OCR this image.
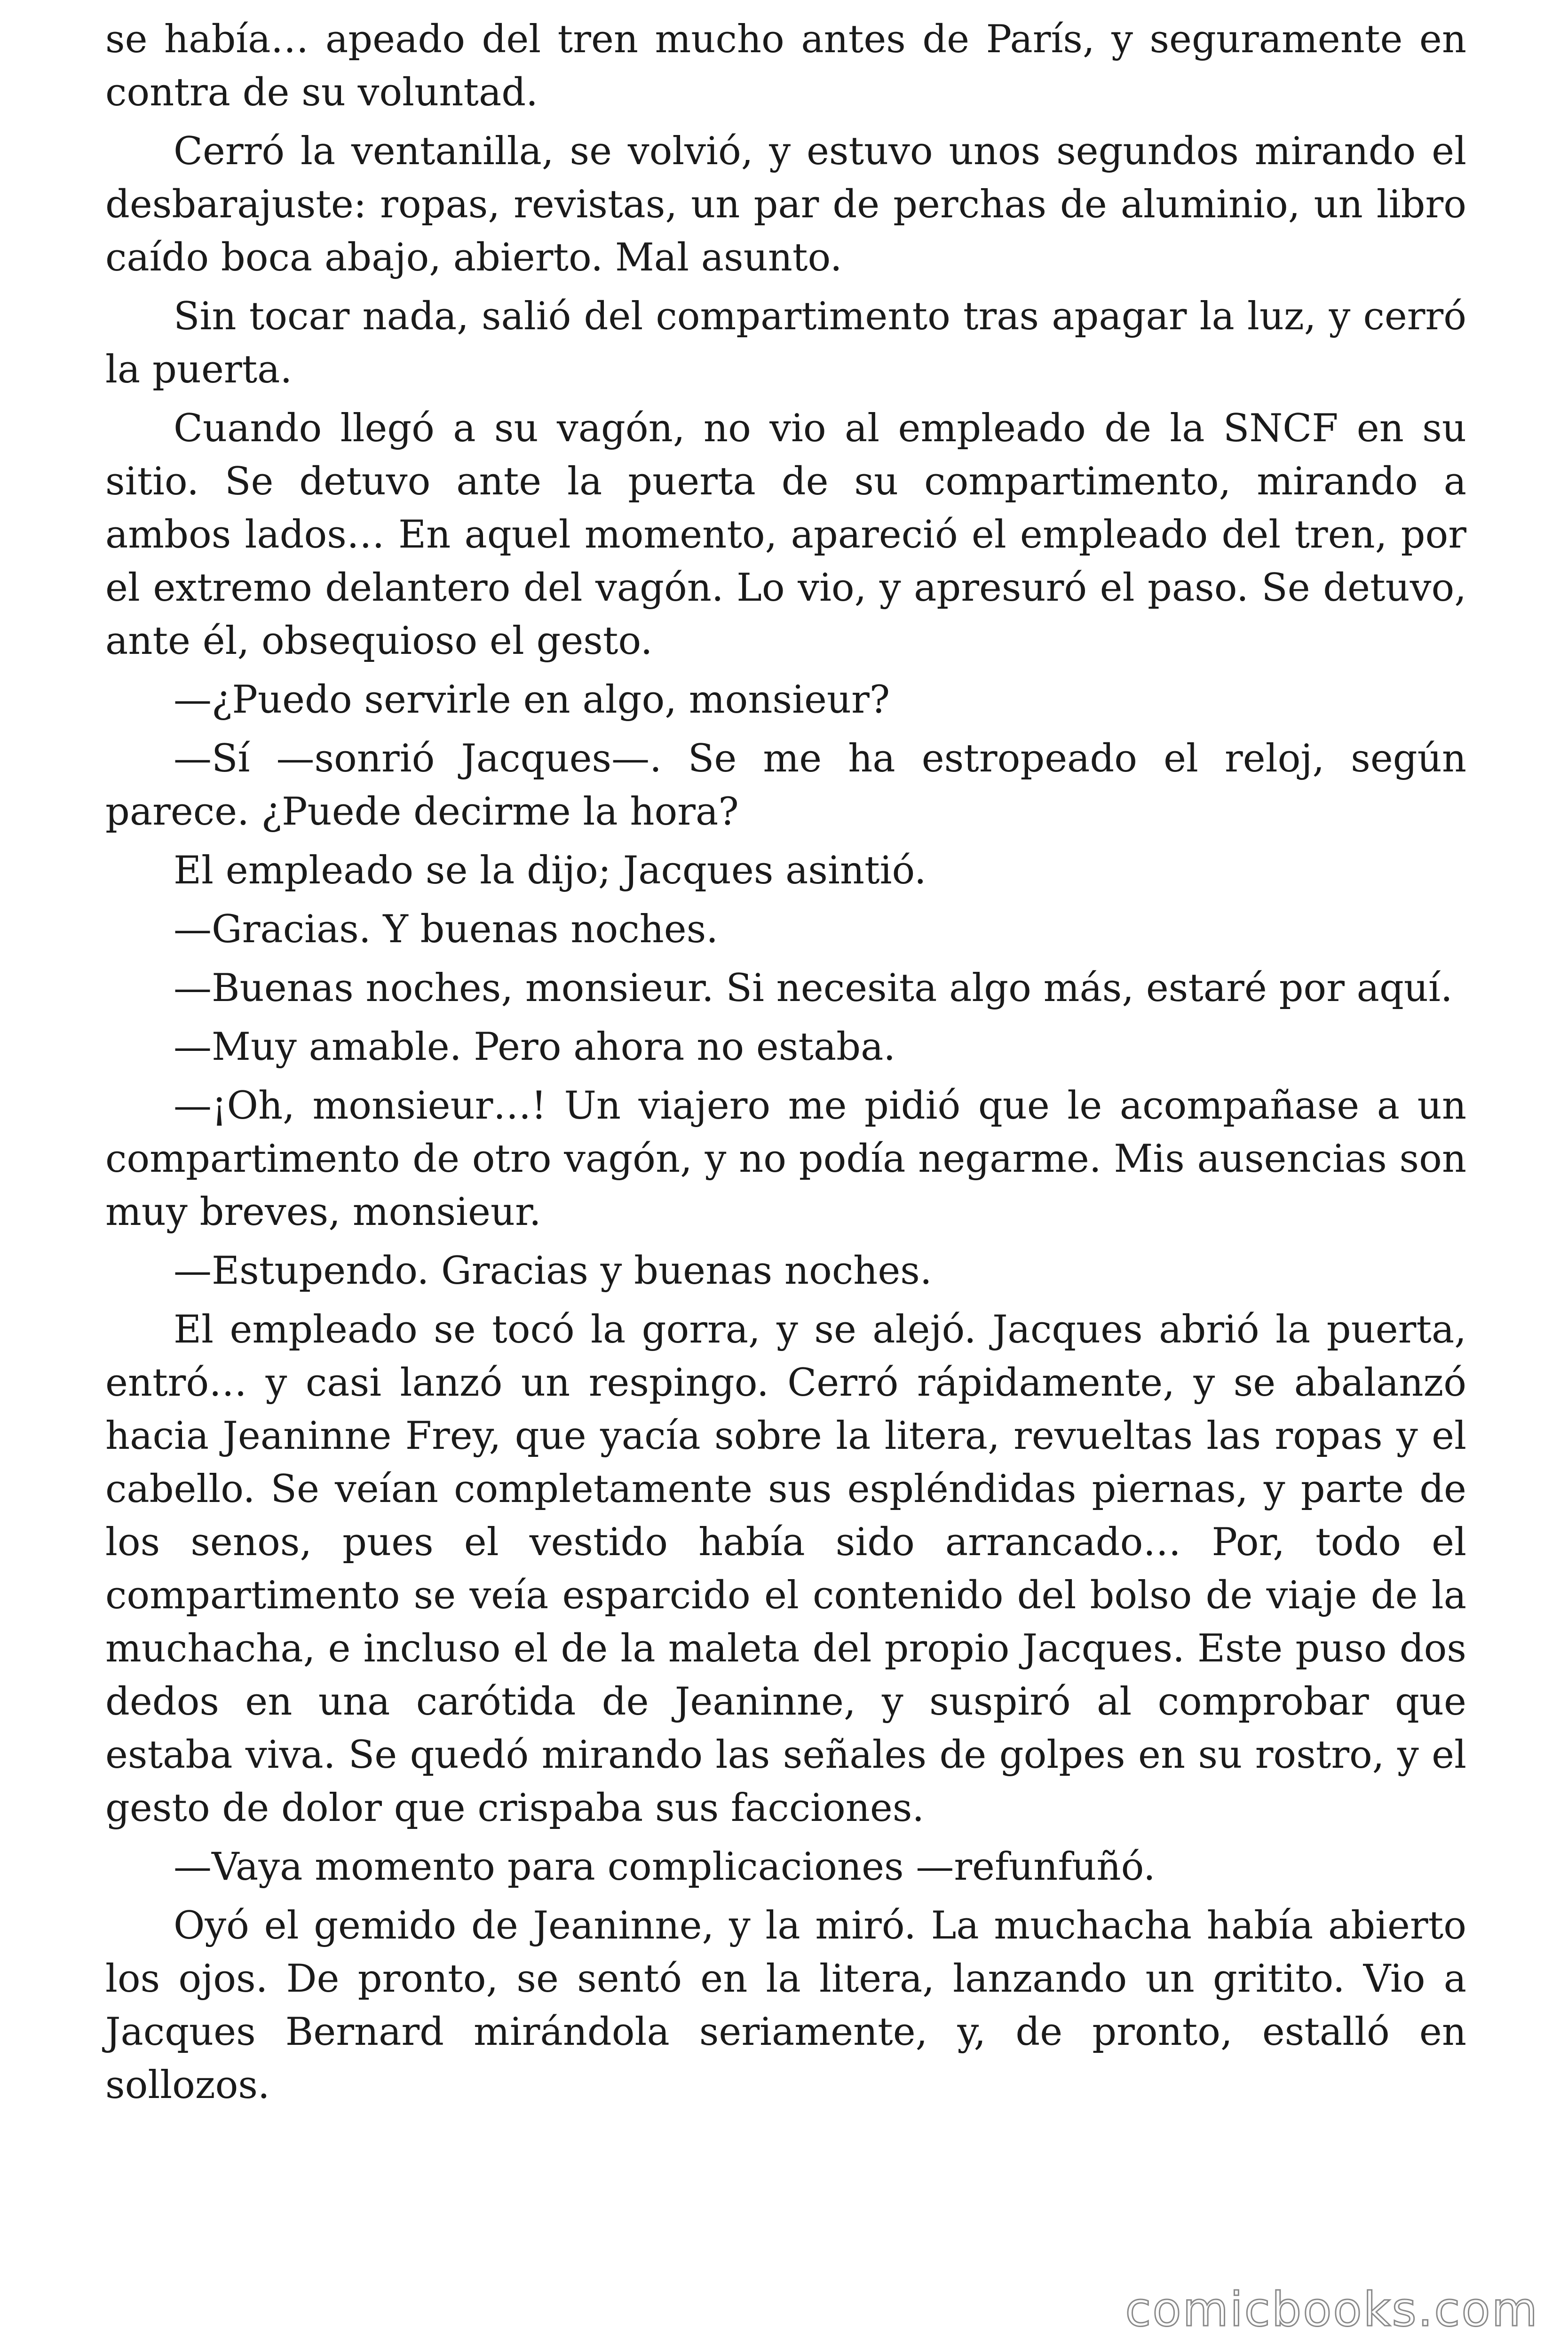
se había… apeado del tren mucho antes de París, y seguramente en contra de su voluntad.

Cerró la ventanilla, se volvió, y estuvo unos segundos mirando el desbarajuste: ropas, revistas, un par de perchas de aluminio, un libro caído boca abajo, abierto. Mal asunto.

Sin tocar nada, salió del compartimento tras apagar la luz, y cerró la puerta.

Cuando llegó a su vagón, no vio al empleado de la SNCF en su sitio. Se detuvo ante la puerta de su compartimento, mirando a ambos lados… En aquel momento, apareció el empleado del tren, por el extremo delantero del vagón. Lo vio, y apresuró el paso. Se detuvo, ante él, obsequioso el gesto.

—¿Puedo servirle en algo, monsieur?

—Sí —sonrió Jacques—. Se me ha estropeado el reloj, según parece. ¿Puede decirme la hora?

El empleado se la dijo; Jacques asintió.

—Gracias. Y buenas noches.

—Buenas noches, monsieur. Si necesita algo más, estaré por aquí.

—Muy amable. Pero ahora no estaba.

—¡Oh, monsieur…! Un viajero me pidió que le acompañase a un compartimento de otro vagón, y no podía negarme. Mis ausencias son muy breves, monsieur.

—Estupendo. Gracias y buenas noches.

El empleado se tocó la gorra, y se alejó. Jacques abrió la puerta, entró… y casi lanzó un respingo. Cerró rápidamente, y se abalanzó hacia Jeaninne Frey, que yacía sobre la litera, revueltas las ropas y el cabello. Se veían completamente sus espléndidas piernas, y parte de los senos, pues el vestido había sido arrancado… Por, todo el compartimento se veía esparcido el contenido del bolso de viaje de la muchacha, e incluso el de la maleta del propio Jacques. Este puso dos dedos en una carótida de Jeaninne, y suspiró al comprobar que estaba viva. Se quedó mirando las señales de golpes en su rostro, y el gesto de dolor que crispaba sus facciones.

—Vaya momento para complicaciones —refunfuñó.

Oyó el gemido de Jeaninne, y la miró. La muchacha había abierto los ojos. De pronto, se sentó en la litera, lanzando un gritito. Vio a Jacques Bernard mirándola seriamente, y, de pronto, estalló en sollozos.

comicbooks.com
